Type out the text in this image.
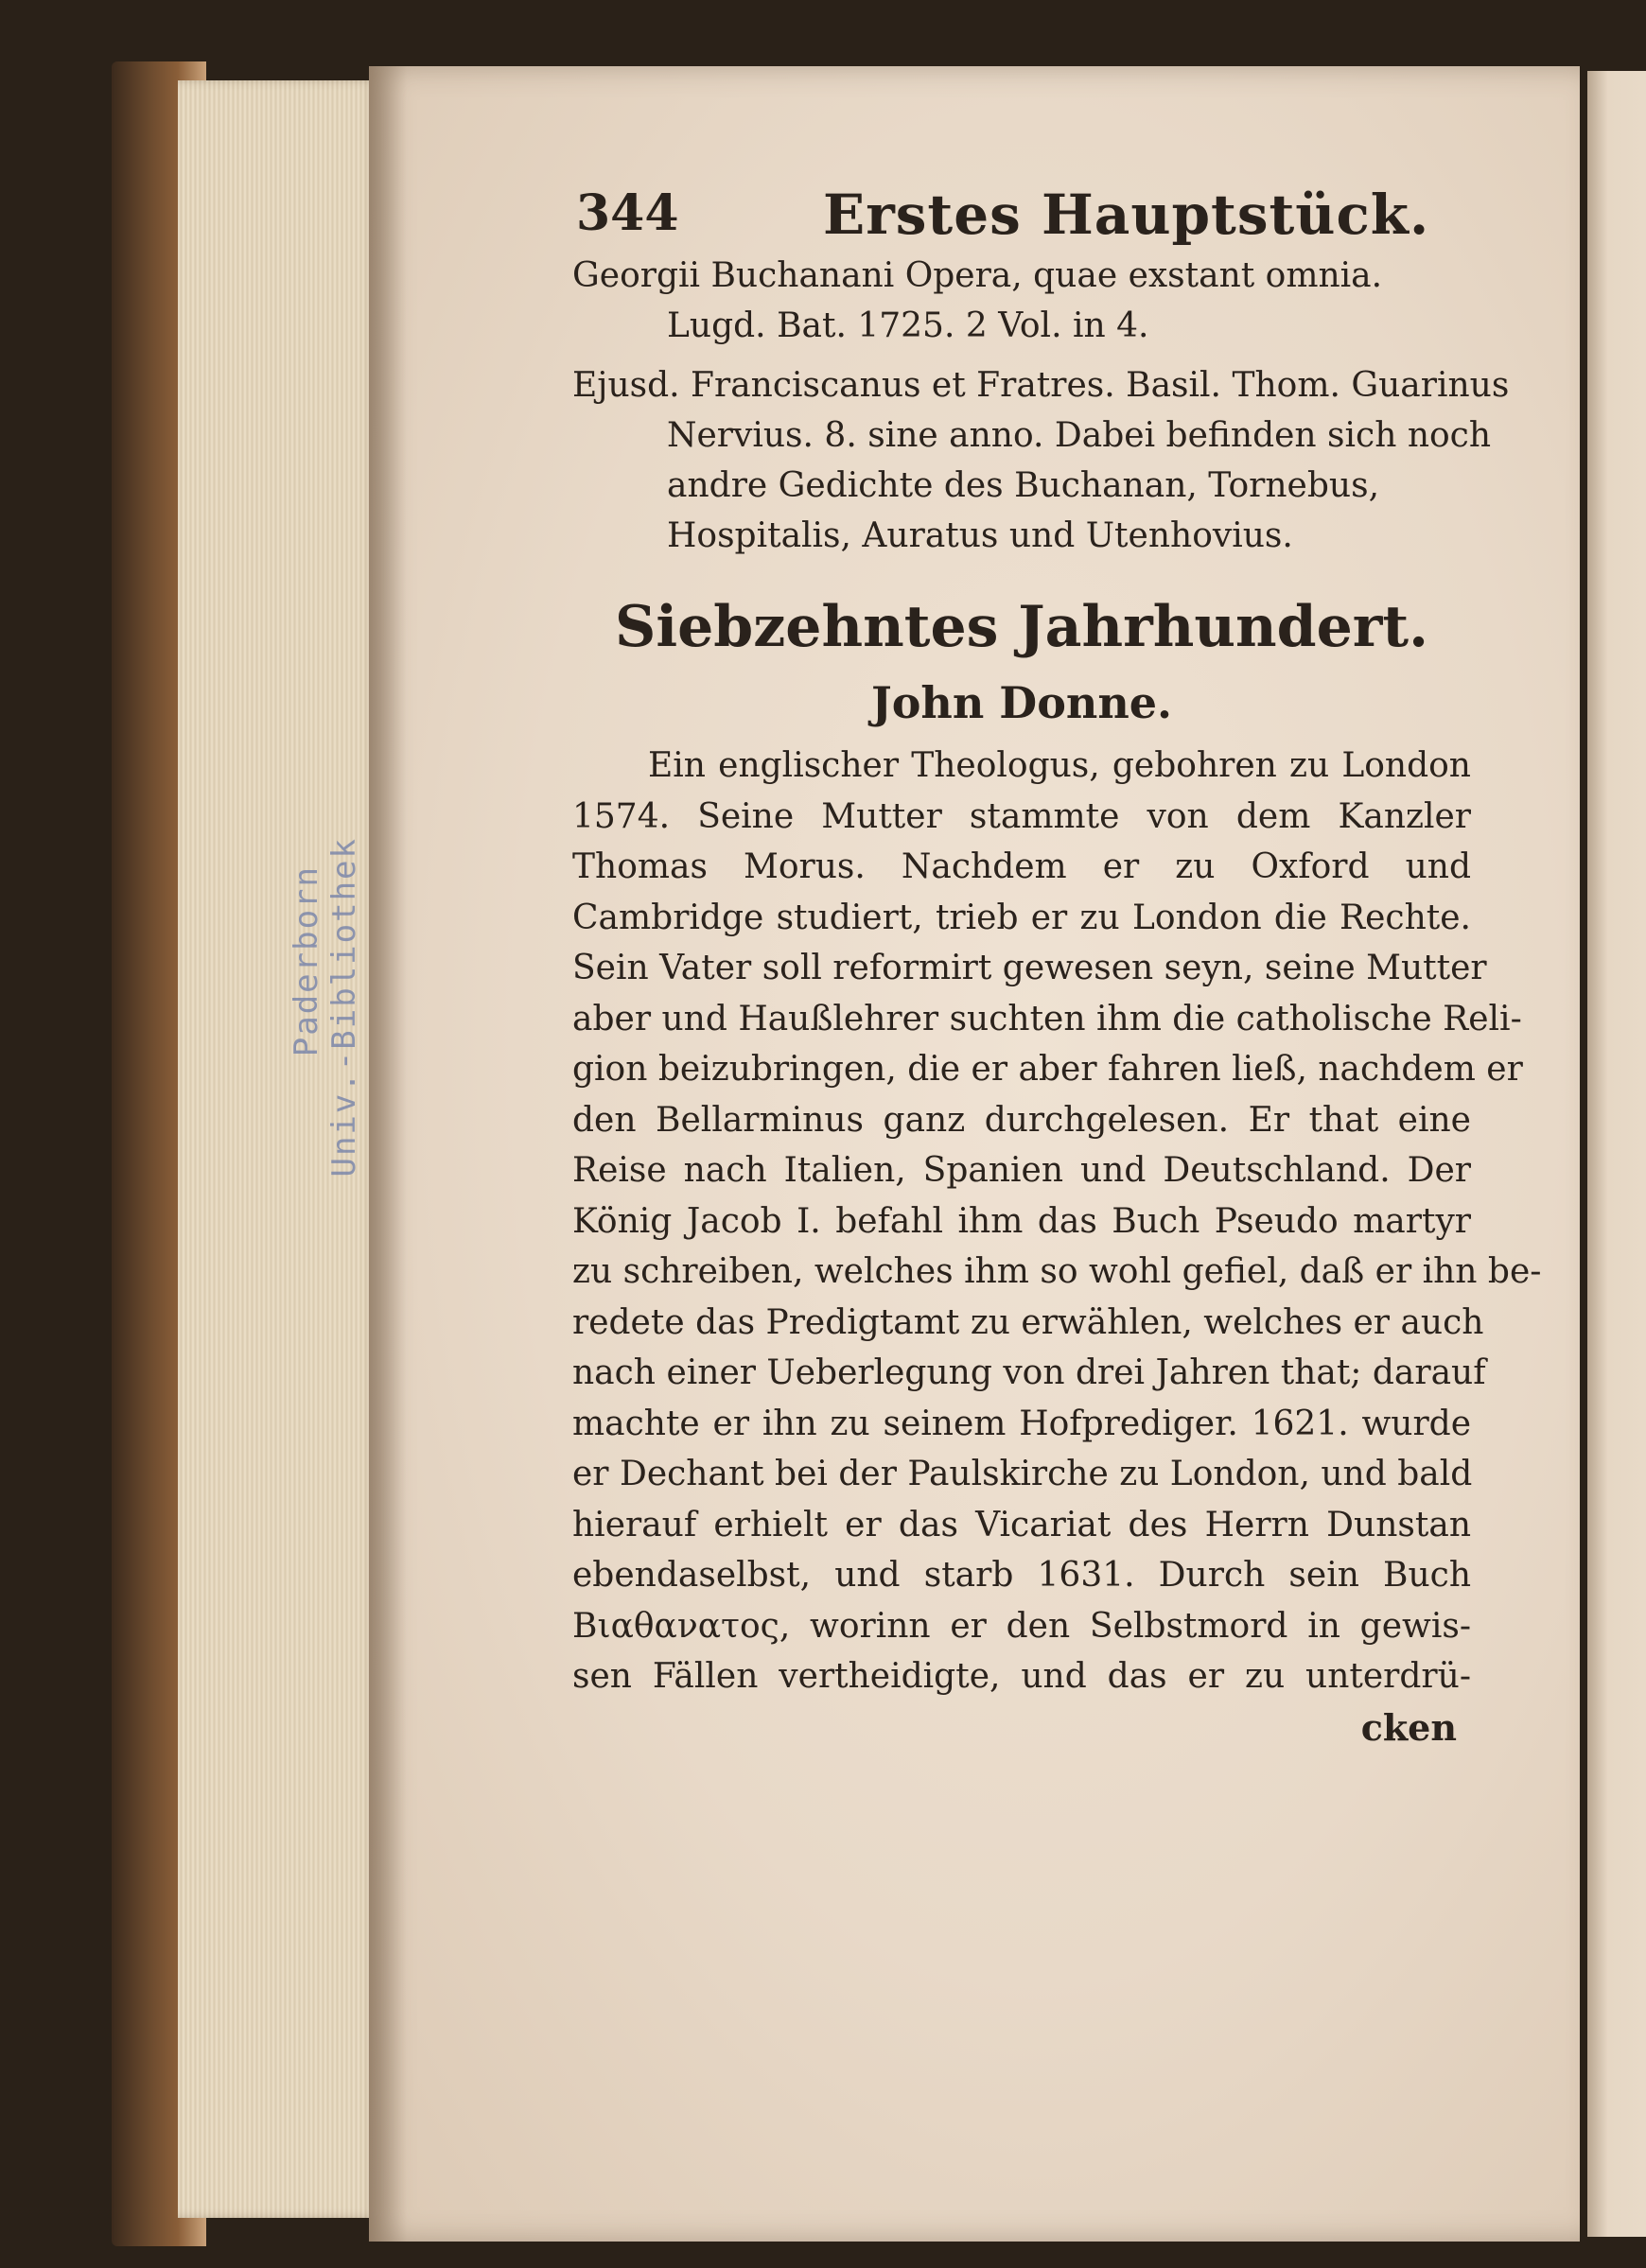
Univ.-Bibliothek
Paderborn
344	Erstes Hauptstück.
Georgii Buchanani Opera, quae exstant omnia.
Lugd. Bat. 1725. 2 Vol. in 4.
Ejusd. Franciscanus et Fratres. Basil. Thom. Guarinus
Nervius. 8. sine anno. Dabei befinden sich noch
andre Gedichte des Buchanan, Tornebus,
Hospitalis, Auratus und Utenhovius.
Siebzehntes Jahrhundert.
John Donne.
Ein englischer Theologus, gebohren zu London
1574. Seine Mutter stammte von dem Kanzler
Thomas Morus. Nachdem er zu Oxford und
Cambridge studiert, trieb er zu London die Rechte.
Sein Vater soll reformirt gewesen seyn, seine Mutter
aber und Haußlehrer suchten ihm die catholische Reli-
gion beizubringen, die er aber fahren ließ, nachdem er
den Bellarminus ganz durchgelesen. Er that eine
Reise nach Italien, Spanien und Deutschland. Der
König Jacob I. befahl ihm das Buch Pseudo martyr
zu schreiben, welches ihm so wohl gefiel, daß er ihn be-
redete das Predigtamt zu erwählen, welches er auch
nach einer Ueberlegung von drei Jahren that; darauf
machte er ihn zu seinem Hofprediger. 1621. wurde
er Dechant bei der Paulskirche zu London, und bald
hierauf erhielt er das Vicariat des Herrn Dunstan
ebendaselbst, und starb 1631. Durch sein Buch
Βιαθανατος, worinn er den Selbstmord in gewis-
sen Fällen vertheidigte, und das er zu unterdrü-
cken
